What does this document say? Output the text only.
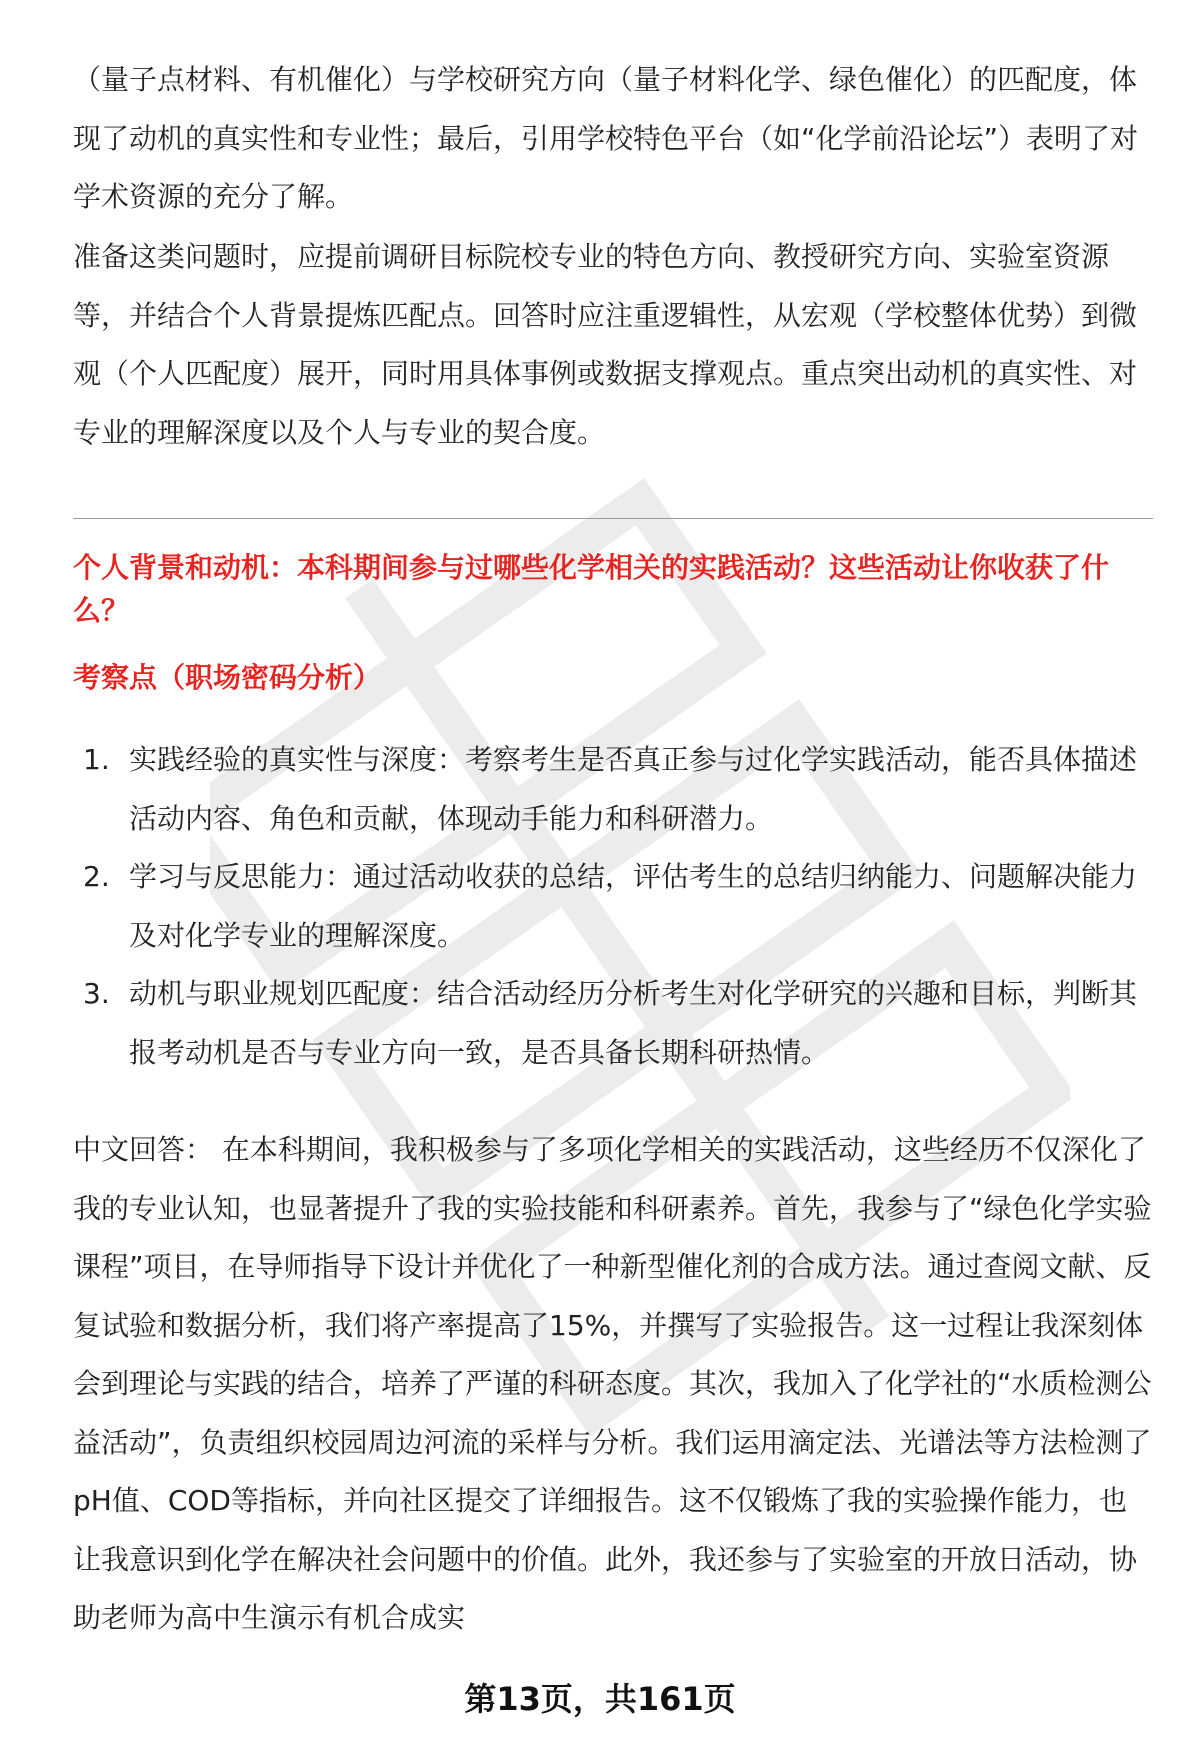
（量子点材料、有机催化）与学校研究方向（量子材料化学、绿色催化）的匹配度，体现了动机的真实性和专业性；最后，引用学校特色平台（如“化学前沿论坛”）表明了对学术资源的充分了解。

准备这类问题时，应提前调研目标院校专业的特色方向、教授研究方向、实验室资源等，并结合个人背景提炼匹配点。回答时应注重逻辑性，从宏观（学校整体优势）到微观（个人匹配度）展开，同时用具体事例或数据支撑观点。重点突出动机的真实性、对专业的理解深度以及个人与专业的契合度。

个人背景和动机：本科期间参与过哪些化学相关的实践活动？这些活动让你收获了什么？

考察点（职场密码分析）

1. 实践经验的真实性与深度：考察考生是否真正参与过化学实践活动，能否具体描述活动内容、角色和贡献，体现动手能力和科研潜力。
2. 学习与反思能力：通过活动收获的总结，评估考生的总结归纳能力、问题解决能力及对化学专业的理解深度。
3. 动机与职业规划匹配度：结合活动经历分析考生对化学研究的兴趣和目标，判断其报考动机是否与专业方向一致，是否具备长期科研热情。

中文回答： 在本科期间，我积极参与了多项化学相关的实践活动，这些经历不仅深化了我的专业认知，也显著提升了我的实验技能和科研素养。首先，我参与了“绿色化学实验课程”项目，在导师指导下设计并优化了一种新型催化剂的合成方法。通过查阅文献、反复试验和数据分析，我们将产率提高了15%，并撰写了实验报告。这一过程让我深刻体会到理论与实践的结合，培养了严谨的科研态度。其次，我加入了化学社的“水质检测公益活动”，负责组织校园周边河流的采样与分析。我们运用滴定法、光谱法等方法检测了pH值、COD等指标，并向社区提交了详细报告。这不仅锻炼了我的实验操作能力，也让我意识到化学在解决社会问题中的价值。此外，我还参与了实验室的开放日活动，协助老师为高中生演示有机合成实

第13页，共161页
